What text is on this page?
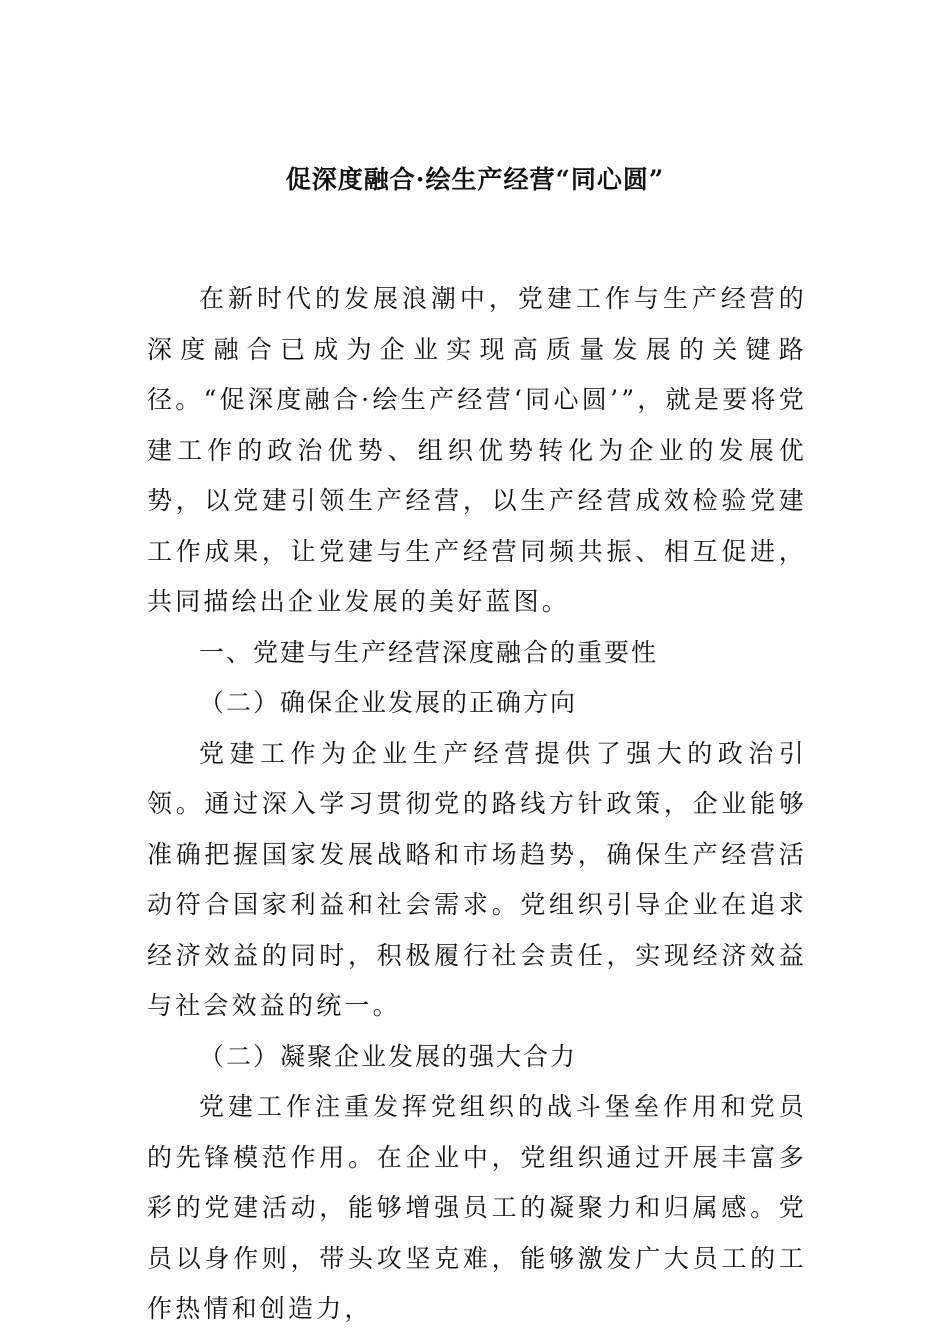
促深度融合·绘生产经营“同心圆”

在新时代的发展浪潮中，党建工作与生产经营的深度融合已成为企业实现高质量发展的关键路径。“促深度融合·绘生产经营‘同心圆’”，就是要将党建工作的政治优势、组织优势转化为企业的发展优势，以党建引领生产经营，以生产经营成效检验党建工作成果，让党建与生产经营同频共振、相互促进，共同描绘出企业发展的美好蓝图。

一、党建与生产经营深度融合的重要性

（二）确保企业发展的正确方向

党建工作为企业生产经营提供了强大的政治引领。通过深入学习贯彻党的路线方针政策，企业能够准确把握国家发展战略和市场趋势，确保生产经营活动符合国家利益和社会需求。党组织引导企业在追求经济效益的同时，积极履行社会责任，实现经济效益与社会效益的统一。

（二）凝聚企业发展的强大合力

党建工作注重发挥党组织的战斗堡垒作用和党员的先锋模范作用。在企业中，党组织通过开展丰富多彩的党建活动，能够增强员工的凝聚力和归属感。党员以身作则，带头攻坚克难，能够激发广大员工的工作热情和创造力，
